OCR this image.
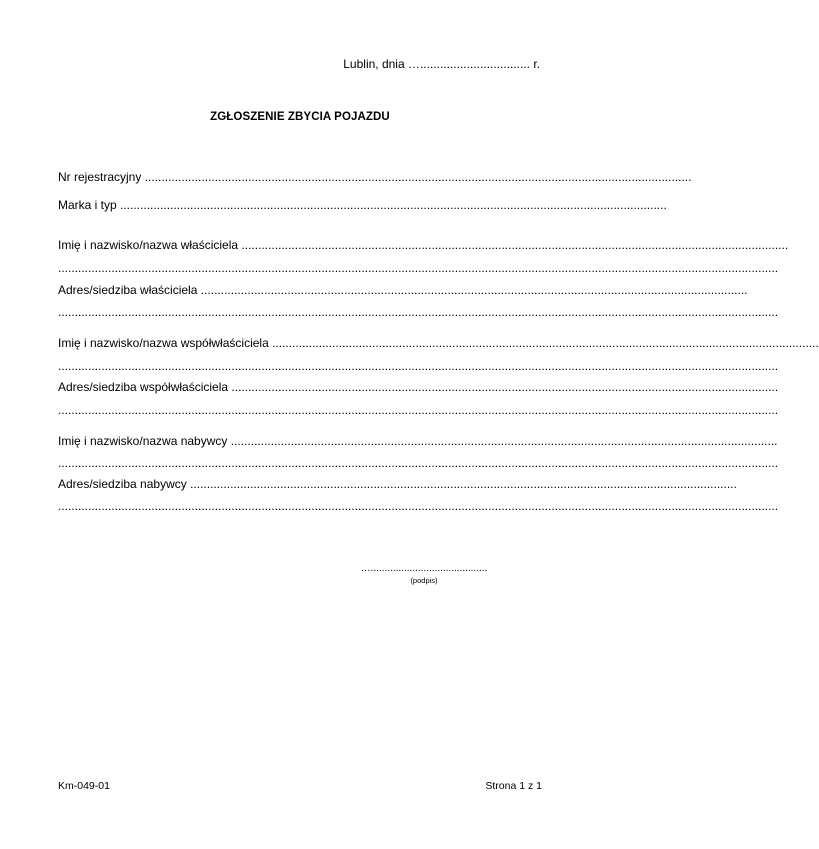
Lublin, dnia …................................. r.
ZGŁOSZENIE ZBYCIA POJAZDU
Nr rejestracyjny ....................................................................................................................................................................
Marka i typ ....................................................................................................................................................................
Imię i nazwisko/nazwa właściciela ....................................................................................................................................................................
........................................................................................................................................................................................................................
Adres/siedziba właściciela ....................................................................................................................................................................
........................................................................................................................................................................................................................
Imię i nazwisko/nazwa współwłaściciela ....................................................................................................................................................................
........................................................................................................................................................................................................................
Adres/siedziba współwłaściciela ....................................................................................................................................................................
........................................................................................................................................................................................................................
Imię i nazwisko/nazwa nabywcy ....................................................................................................................................................................
........................................................................................................................................................................................................................
Adres/siedziba nabywcy ....................................................................................................................................................................
........................................................................................................................................................................................................................
…..........................................
(podpis)
Km-049-01	Strona 1 z 1
